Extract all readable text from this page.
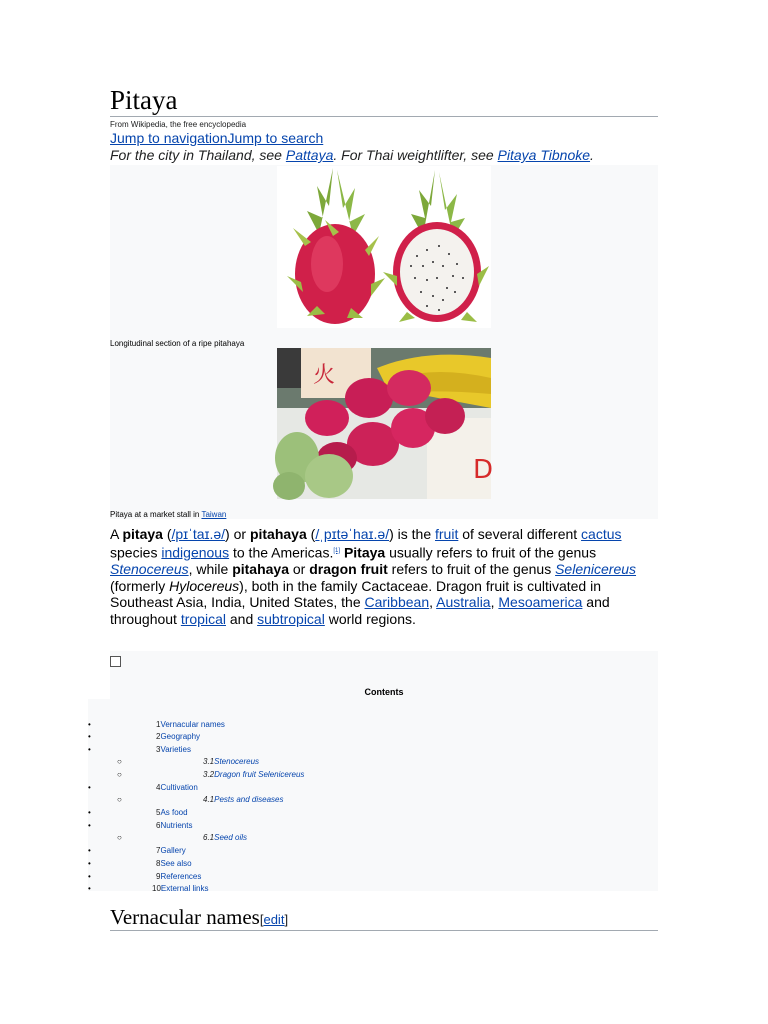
Pitaya
From Wikipedia, the free encyclopedia
Jump to navigationJump to search
For the city in Thailand, see Pattaya. For Thai weightlifter, see Pitaya Tibnoke.
Longitudinal section of a ripe pitahaya
火
D
Pitaya at a market stall in Taiwan
A pitaya (/pɪˈtaɪ.ə/) or pitahaya (/ˌpɪtəˈhaɪ.ə/) is the fruit of several different cactus species indigenous to the Americas.[1] Pitaya usually refers to fruit of the genus Stenocereus, while pitahaya or dragon fruit refers to fruit of the genus Selenicereus (formerly Hylocereus), both in the family Cactaceae. Dragon fruit is cultivated in Southeast Asia, India, United States, the Caribbean, Australia, Mesoamerica and throughout tropical and subtropical world regions.
Contents
•	1Vernacular names
•	2Geography
•	3Varieties
○	3.1Stenocereus
○	3.2Dragon fruit Selenicereus
•	4Cultivation
○	4.1Pests and diseases
•	5As food
•	6Nutrients
○	6.1Seed oils
•	7Gallery
•	8See also
•	9References
•	10External links
Vernacular names[edit]
